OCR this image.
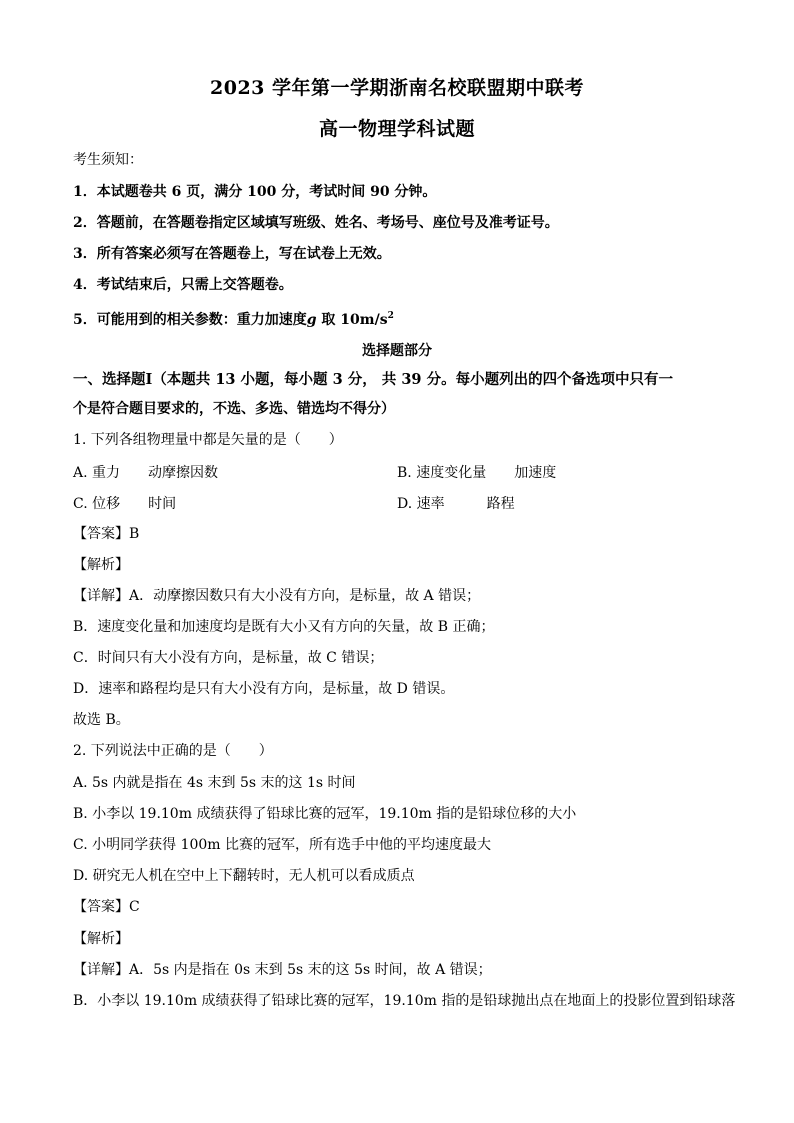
2023 学年第一学期浙南名校联盟期中联考
高一物理学科试题
考生须知：
1．本试题卷共 6 页，满分 100 分，考试时间 90 分钟。
2．答题前，在答题卷指定区域填写班级、姓名、考场号、座位号及准考证号。
3．所有答案必须写在答题卷上，写在试卷上无效。
4．考试结束后，只需上交答题卷。
5．可能用到的相关参数：重力加速度g 取 $10m/s^2$
选择题部分
一、选择题Ⅰ（本题共 13 小题，每小题 3 分， 共 39 分。每小题列出的四个备选项中只有一
个是符合题目要求的，不选、多选、错选均不得分）
1. 下列各组物理量中都是矢量的是（　　）
A. 重力　　动摩擦因数	B. 速度变化量　　加速度
C. 位移　　时间	D. 速率　　　路程
【答案】B
【解析】
【详解】A．动摩擦因数只有大小没有方向，是标量，故 A 错误；
B．速度变化量和加速度均是既有大小又有方向的矢量，故 B 正确；
C．时间只有大小没有方向，是标量，故 C 错误；
D．速率和路程均是只有大小没有方向，是标量，故 D 错误。
故选 B。
2. 下列说法中正确的是（　　）
A. 5s 内就是指在 4s 末到 5s 末的这 1s 时间
B. 小李以 19.10m 成绩获得了铅球比赛的冠军，19.10m 指的是铅球位移的大小
C. 小明同学获得 100m 比赛的冠军，所有选手中他的平均速度最大
D. 研究无人机在空中上下翻转时，无人机可以看成质点
【答案】C
【解析】
【详解】A．5s 内是指在 0s 末到 5s 末的这 5s 时间，故 A 错误；
B．小李以 19.10m 成绩获得了铅球比赛的冠军，19.10m 指的是铅球抛出点在地面上的投影位置到铅球落
